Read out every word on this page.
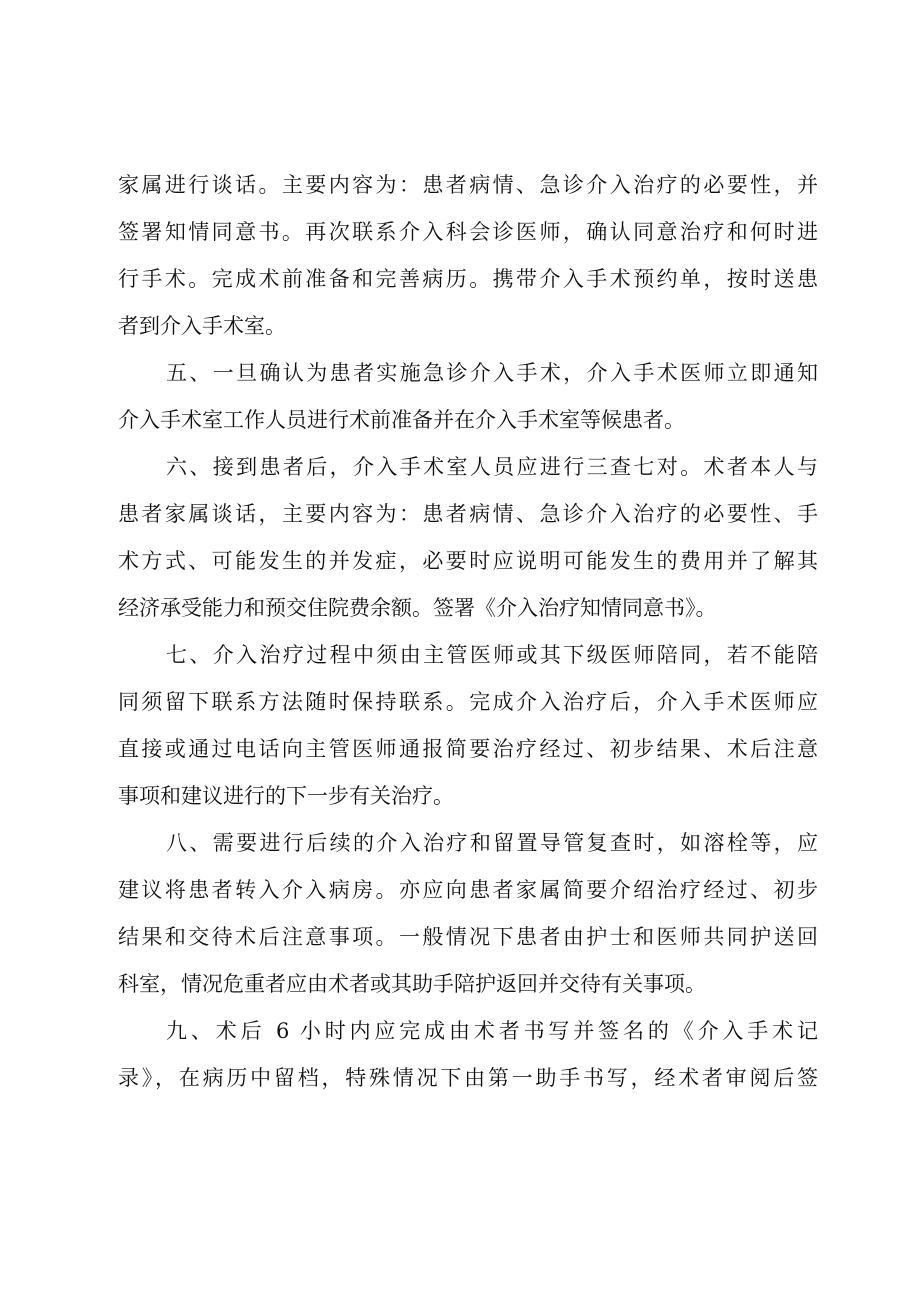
家属进行谈话。主要内容为：患者病情、急诊介入治疗的必要性，并
签署知情同意书。再次联系介入科会诊医师，确认同意治疗和何时进
行手术。完成术前准备和完善病历。携带介入手术预约单，按时送患
者到介入手术室。
五、一旦确认为患者实施急诊介入手术，介入手术医师立即通知
介入手术室工作人员进行术前准备并在介入手术室等候患者。
六、接到患者后，介入手术室人员应进行三查七对。术者本人与
患者家属谈话，主要内容为：患者病情、急诊介入治疗的必要性、手
术方式、可能发生的并发症，必要时应说明可能发生的费用并了解其
经济承受能力和预交住院费余额。签署《介入治疗知情同意书》。
七、介入治疗过程中须由主管医师或其下级医师陪同，若不能陪
同须留下联系方法随时保持联系。完成介入治疗后，介入手术医师应
直接或通过电话向主管医师通报简要治疗经过、初步结果、术后注意
事项和建议进行的下一步有关治疗。
八、需要进行后续的介入治疗和留置导管复查时，如溶栓等，应
建议将患者转入介入病房。亦应向患者家属简要介绍治疗经过、初步
结果和交待术后注意事项。一般情况下患者由护士和医师共同护送回
科室，情况危重者应由术者或其助手陪护返回并交待有关事项。
九、术后 6 小时内应完成由术者书写并签名的《介入手术记
录》，在病历中留档，特殊情况下由第一助手书写，经术者审阅后签
